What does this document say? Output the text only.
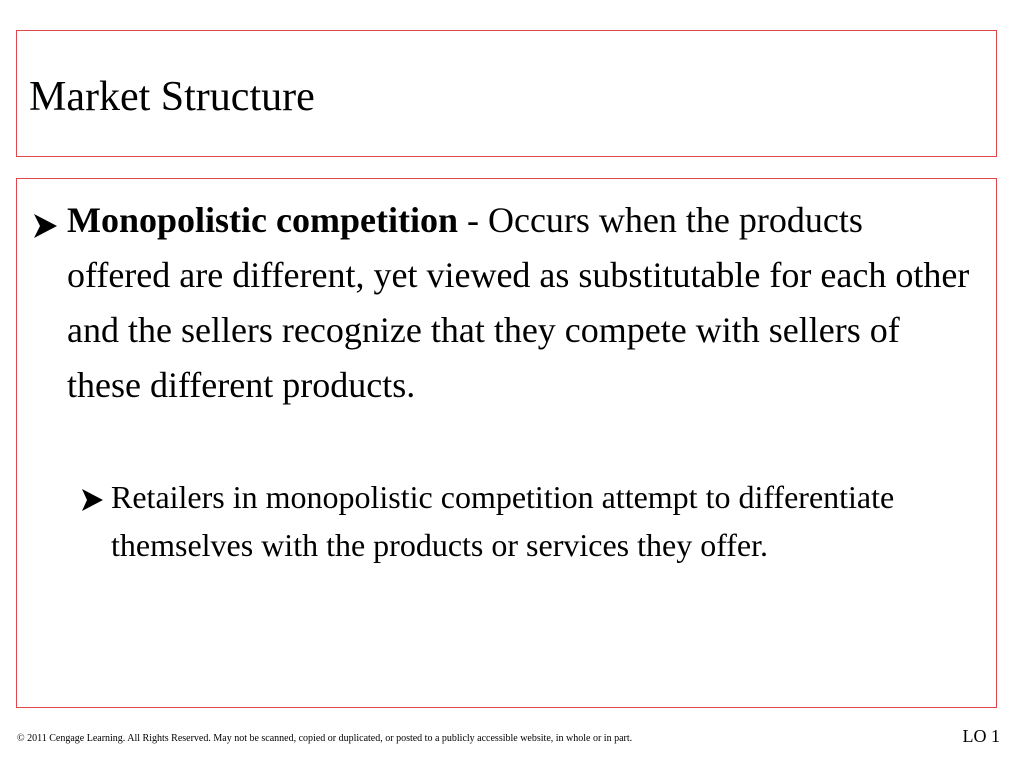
Market Structure
Monopolistic competition - Occurs when the products offered are different, yet viewed as substitutable for each other and the sellers recognize that they compete with sellers of these different products.
Retailers in monopolistic competition attempt to differentiate themselves with the products or services they offer.
© 2011 Cengage Learning. All Rights Reserved. May not be scanned, copied or duplicated, or posted to a publicly accessible website, in whole or in part.	LO 1
